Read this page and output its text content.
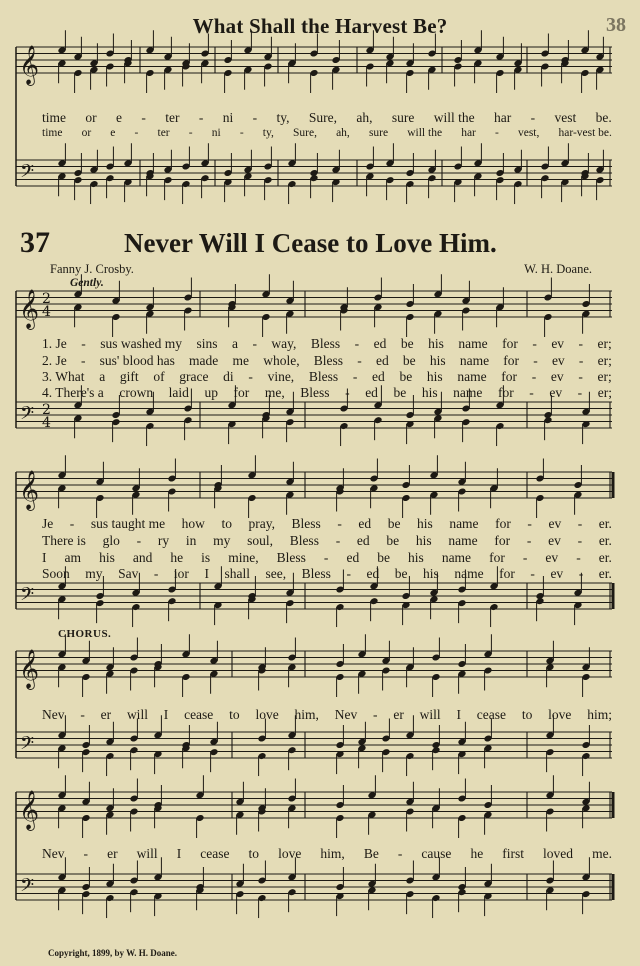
What Shall the Harvest Be?	38
37	Never Will I Cease to Love Him.
Fanny J. Crosby.	W. H. Doane.
Gently.
CHORUS.
Copyright, 1899, by W. H. Doane.
𝄞
𝄢
𝄞
𝄢
2
4
2
4
𝄞
𝄢
𝄞
𝄢
𝄞
𝄢
time or e - ter - ni - ty, Sure, ah, sure will the har - vest be.
time or e - ter - ni - ty, Sure, ah, sure will the har - vest, har-vest be.
1. Je - sus washed my sins a - way, Bless - ed be his name for - ev - er;
2. Je - sus' blood has made me whole, Bless - ed be his name for - ev - er;
3. What a gift of grace di - vine, Bless - ed be his name for - ev - er;
4. There's a crown laid up for me, Bless - ed be his name for - ev - er;
Je - sus taught me how to pray, Bless - ed be his name for - ev - er.
There is glo - ry in my soul, Bless - ed be his name for - ev - er.
I am his and he is mine, Bless - ed be his name for - ev - er.
Soon my Sav - ior I shall see, Bless - ed be his name for - ev - er.
Nev - er will I cease to love him, Nev - er will I cease to love him;
Nev - er will I cease to love him, Be - cause he first loved me.
